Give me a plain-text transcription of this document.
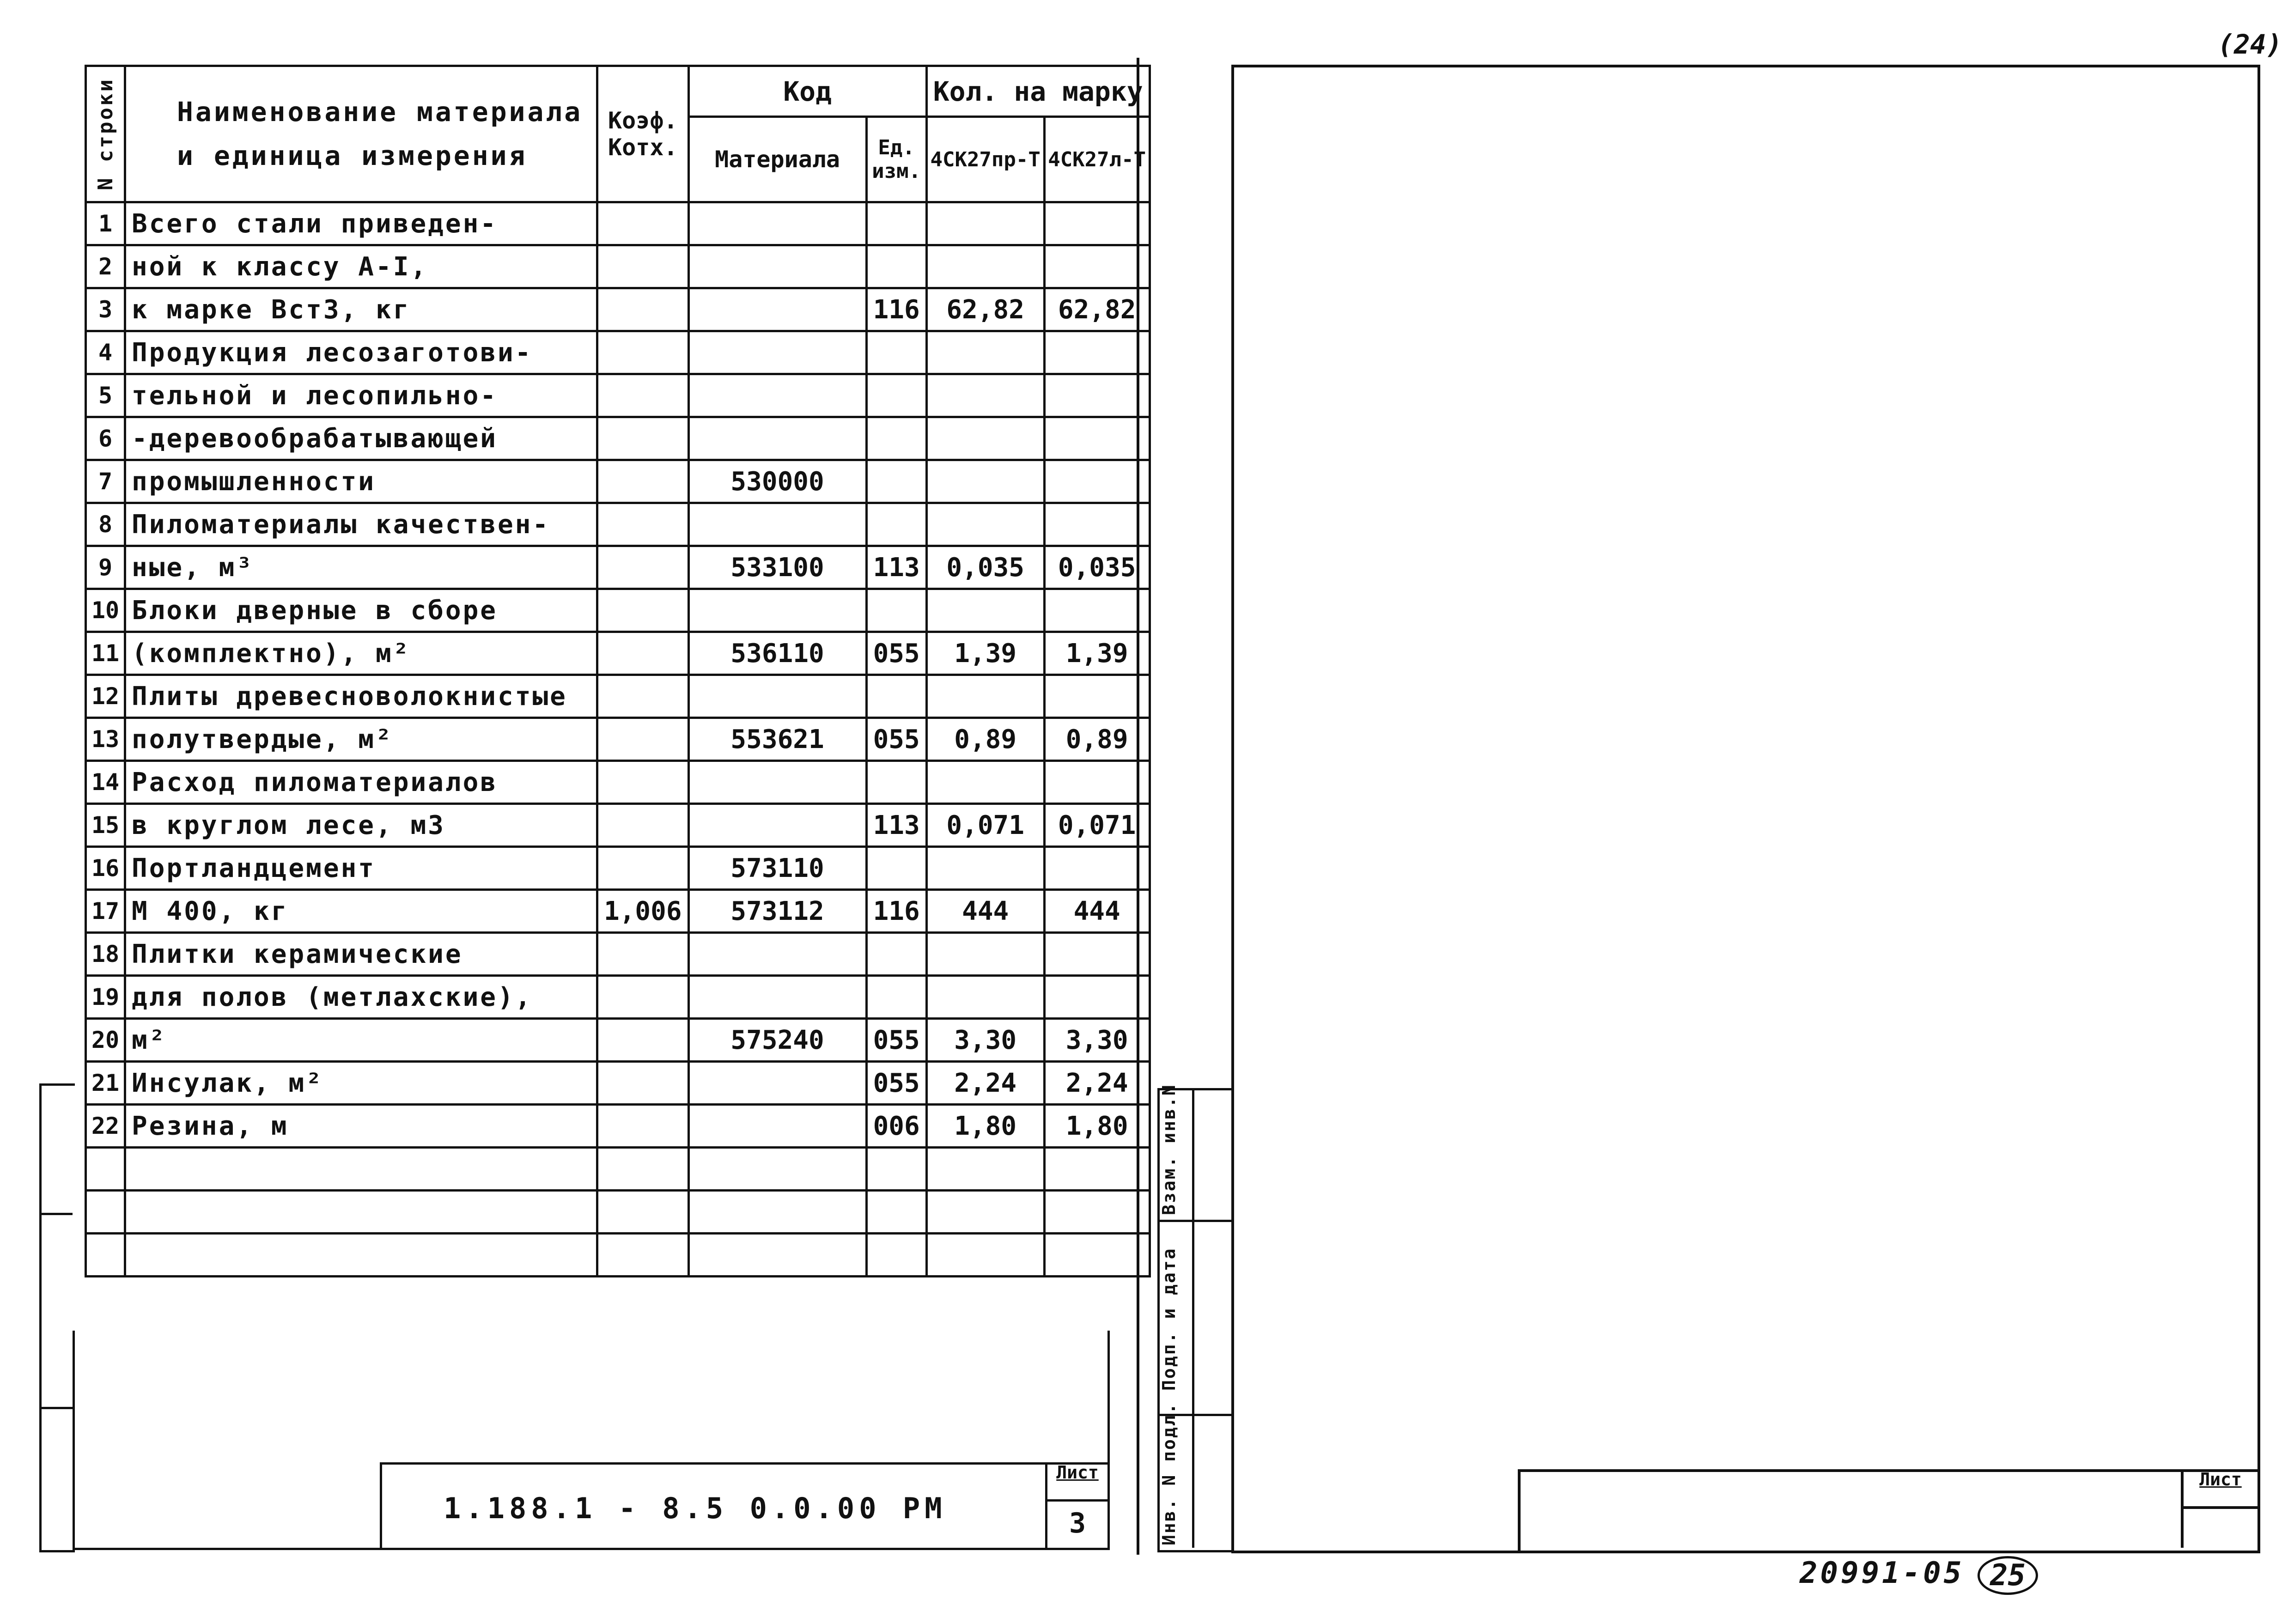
N строки	Наименование материала и единица измерения	Коэф. Котх.	Код		Кол. на марку	
			Материала	Ед. изм.	4СК27пр-Т	4СК27л-Т
1	Всего стали приведен-					
2	ной к классу А-I,					
3	к марке Вст3, кг			116	62,82	62,82
4	Продукция лесозаготови-					
5	тельной и лесопильно-					
6	-деревообрабатывающей					
7	промышленности		530000			
8	Пиломатериалы качествен-					
9	ные, м³		533100	113	0,035	0,035
10	Блоки дверные в сборе					
11	(комплектно), м²		536110	055	1,39	1,39
12	Плиты древесноволокнистые					
13	полутвердые, м²		553621	055	0,89	0,89
14	Расход пиломатериалов					
15	в круглом лесе, м3			113	0,071	0,071
16	Портландцемент		573110			
17	М 400, кг	1,006	573112	116	444	444
18	Плитки керамические					
19	для полов (метлахские),					
20	м²		575240	055	3,30	3,30
21	Инсулак, м²			055	2,24	2,24
22	Резина, м			006	1,80	1,80

1.188.1 - 8.5 0.0.00 РМ
Лист
3
Взам. инв.N
Подп. и дата
Инв. N подл.	Лист
(24)
20991-05 25
